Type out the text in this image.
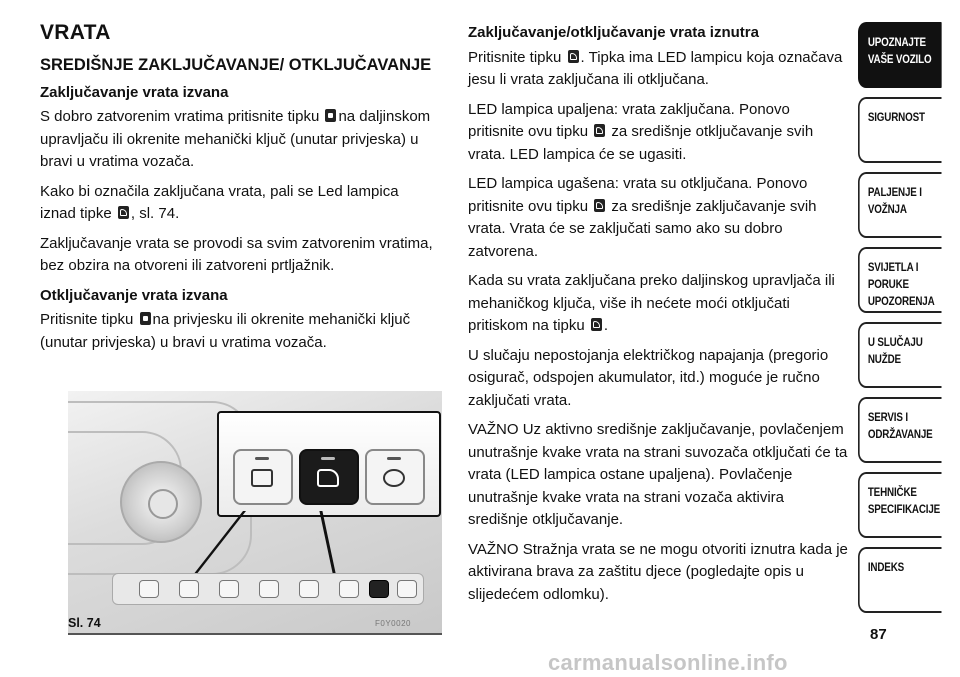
VRATA
SREDIŠNJE ZAKLJUČAVANJE/ OTKLJUČAVANJE
Zaključavanje vrata izvana

S dobro zatvorenim vratima pritisnite tipku na daljinskom upravljaču ili okrenite mehanički ključ (unutar privjeska) u bravi u vratima vozača.

Kako bi označila zaključana vrata, pali se Led lampica iznad tipke , sl. 74.

Zaključavanje vrata se provodi sa svim zatvorenim vratima, bez obzira na otvoreni ili zatvoreni prtljažnik.

Otključavanje vrata izvana

Pritisnite tipku na privjesku ili okrenite mehanički ključ (unutar privjeska) u bravi u vratima vozača.

Sl. 74	F0Y0020
Zaključavanje/otključavanje vrata iznutra

Pritisnite tipku . Tipka ima LED lampicu koja označava jesu li vrata zaključana ili otključana.

LED lampica upaljena: vrata zaključana. Ponovo pritisnite ovu tipku za središnje otključavanje svih vrata. LED lampica će se ugasiti.

LED lampica ugašena: vrata su otključana. Ponovo pritisnite ovu tipku za središnje zaključavanje svih vrata. Vrata će se zaključati samo ako su dobro zatvorena.

Kada su vrata zaključana preko daljinskog upravljača ili mehaničkog ključa, više ih nećete moći otključati pritiskom na tipku .

U slučaju nepostojanja električkog napajanja (pregorio osigurač, odspojen akumulator, itd.) moguće je ručno zaključati vrata.

VAŽNO Uz aktivno središnje zaključavanje, povlačenjem unutrašnje kvake vrata na strani suvozača otključati će ta vrata (LED lampica ostane upaljena). Povlačenje unutrašnje kvake vrata na strani vozača aktivira središnje otključavanje.

VAŽNO Stražnja vrata se ne mogu otvoriti iznutra kada je aktivirana brava za zaštitu djece (pogledajte opis u slijedećem odlomku).

UPOZNAJTE VAŠE VOZILO
SIGURNOST
PALJENJE I VOŽNJA
SVIJETLA I PORUKE UPOZORENJA
U SLUČAJU NUŽDE
SERVIS I ODRŽAVANJE
TEHNIČKE SPECIFIKACIJE
INDEKS
87
carmanualsonline.info
